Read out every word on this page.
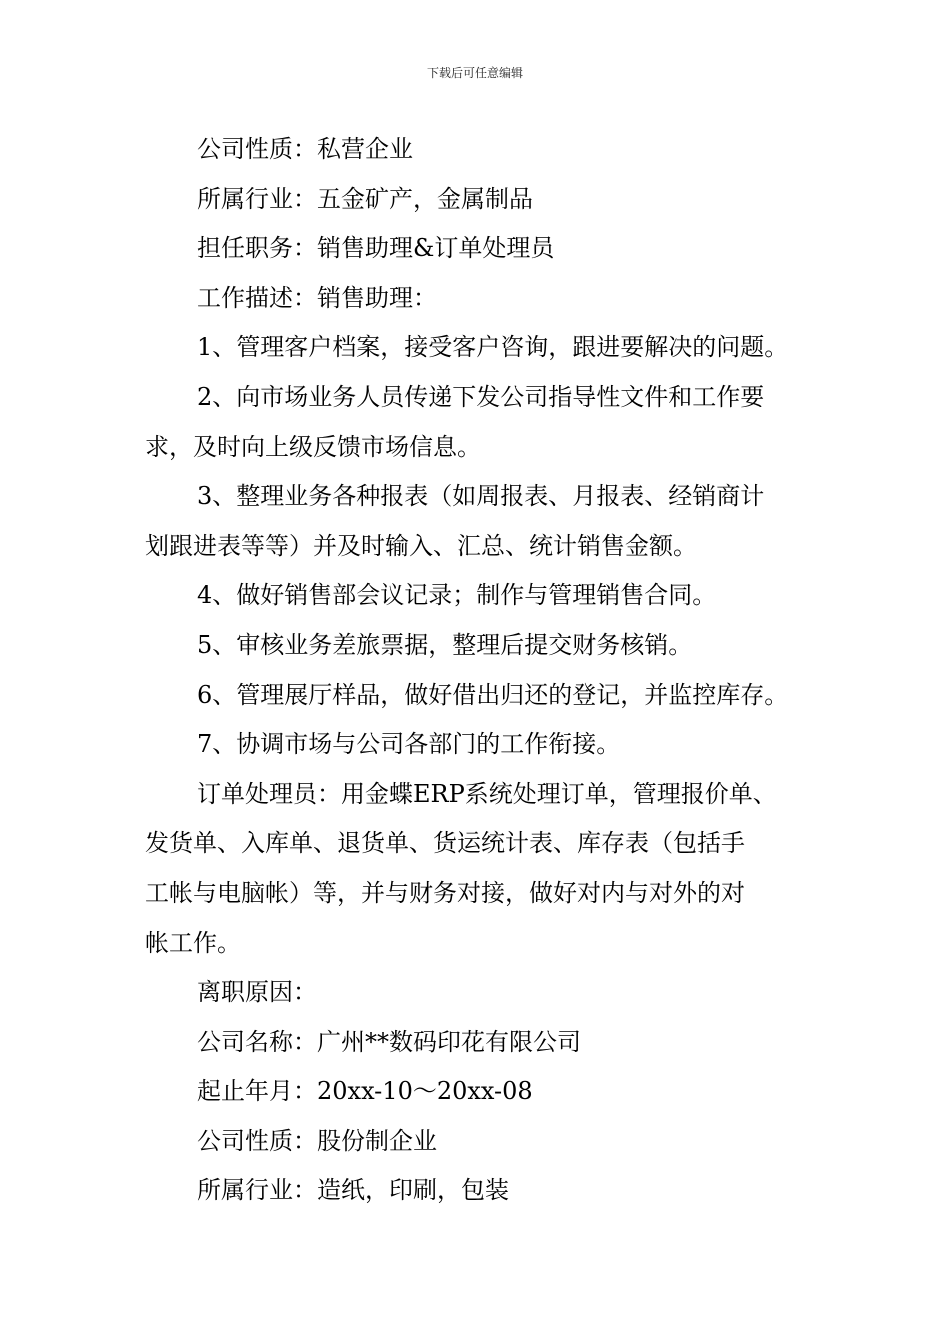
下载后可任意编辑
公司性质：私营企业
所属行业：五金矿产，金属制品
担任职务：销售助理&订单处理员
工作描述：销售助理：
1、管理客户档案，接受客户咨询，跟进要解决的问题。
2、向市场业务人员传递下发公司指导性文件和工作要
求，及时向上级反馈市场信息。
3、整理业务各种报表（如周报表、月报表、经销商计
划跟进表等等）并及时输入、汇总、统计销售金额。
4、做好销售部会议记录；制作与管理销售合同。
5、审核业务差旅票据，整理后提交财务核销。
6、管理展厅样品，做好借出归还的登记，并监控库存。
7、协调市场与公司各部门的工作衔接。
订单处理员：用金蝶ERP系统处理订单，管理报价单、
发货单、入库单、退货单、货运统计表、库存表（包括手
工帐与电脑帐）等，并与财务对接，做好对内与对外的对
帐工作。
离职原因：
公司名称：广州**数码印花有限公司
起止年月：20xx-10～20xx-08
公司性质：股份制企业
所属行业：造纸，印刷，包装
